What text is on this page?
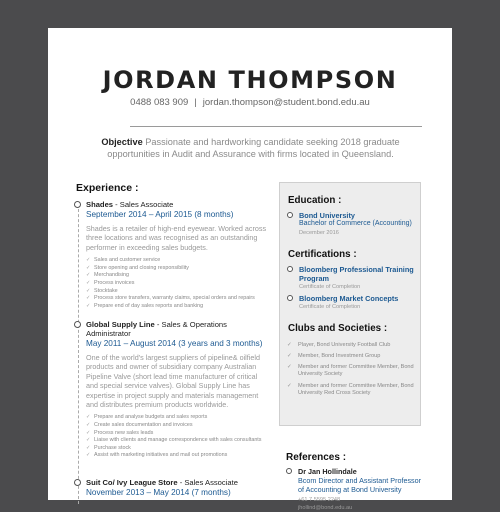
JORDAN THOMPSON
0488 083 909 | jordan.thompson@student.bond.edu.au
Objective Passionate and hardworking candidate seeking 2018 graduate opportunities in Audit and Assurance with firms located in Queensland.
Experience :
Shades - Sales Associate
September 2014 – April 2015 (8 months)
Shades is a retailer of high-end eyewear. Worked across three locations and was recognised as an outstanding performer in exceeding sales budgets.
✓ Sales and customer service
✓ Store opening and closing responsibility
✓ Merchandising
✓ Process invoices
✓ Stocktake
✓ Process store transfers, warranty claims, special orders and repairs
✓ Prepare end of day sales reports and banking
Global Supply Line - Sales & Operations Administrator
May 2011 – August 2014 (3 years and 3 months)
One of the world's largest suppliers of pipeline& oilfield products and owner of subsidiary company Australian Pipeline Valve (short lead time manufacturer of critical and special service valves). Global Supply Line has expertise in project supply and materials management and distributes premium products worldwide.
✓ Prepare and analyse budgets and sales reports
✓ Create sales documentation and invoices
✓ Process new sales leads
✓ Liaise with clients and manage correspondence with sales consultants
✓ Purchase stock
✓ Assist with marketing initiatives and mail out promotions
Suit Co/ Ivy League Store - Sales Associate
November 2013 – May 2014 (7 months)
Education :
Bond University
Bachelor of Commerce (Accounting)
December 2016
Certifications :
Bloomberg Professional Training Program
Certificate of Completion
Bloomberg Market Concepts
Certificate of Completion
Clubs and Societies :
✓ Player, Bond University Football Club
✓ Member, Bond Investment Group
✓ Member and former Committee Member, Bond University Society
✓ Member and former Committee Member, Bond University Red Cross Society
References :
Dr Jan Hollindale
Bcom Director and Assistant Professor of Accounting at Bond University
+61 7 5595 2248
jhollind@bond.edu.au
